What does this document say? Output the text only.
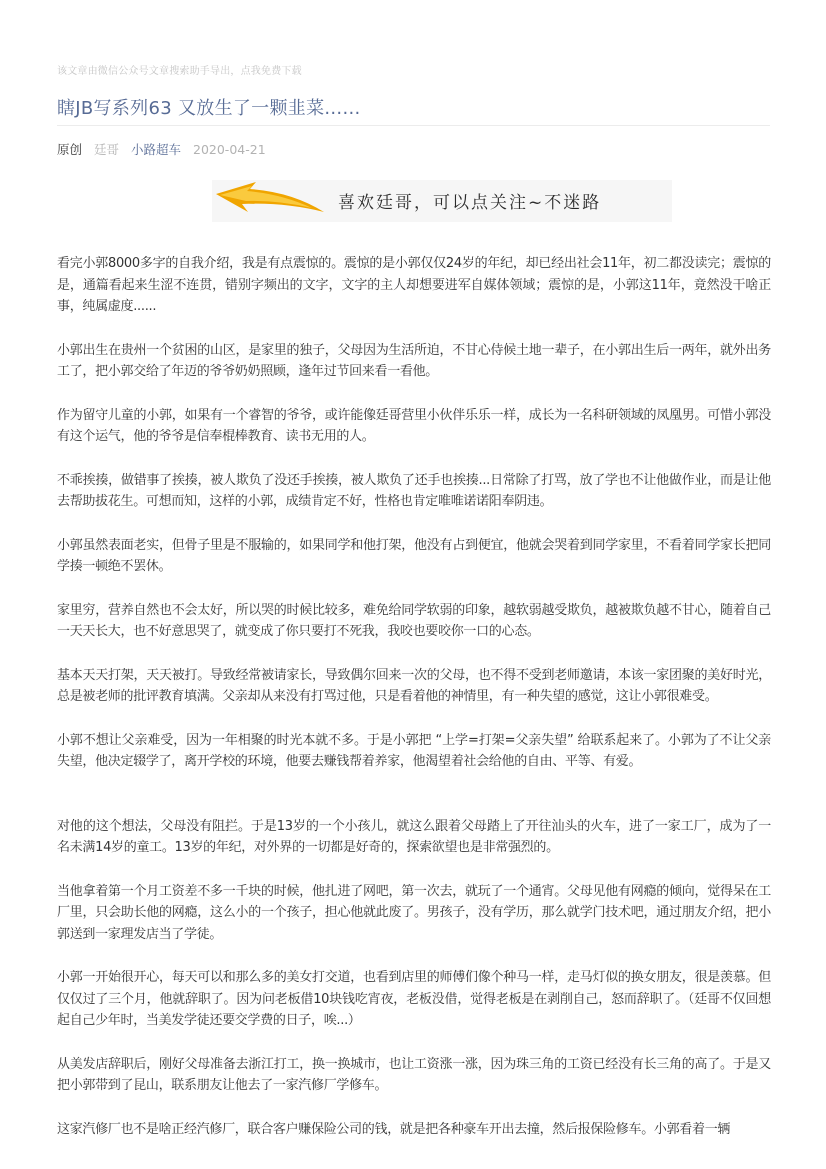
该文章由微信公众号文章搜索助手导出，点我免费下载
瞎JB写系列63 又放生了一颗韭菜......
原创 廷哥 小路超车 2020-04-21
喜欢廷哥，可以点关注~不迷路

看完小郭8000多字的自我介绍，我是有点震惊的。震惊的是小郭仅仅24岁的年纪，却已经出社会11年，初二都没读完；震惊的是，通篇看起来生涩不连贯，错别字频出的文字，文字的主人却想要进军自媒体领域；震惊的是，小郭这11年，竟然没干啥正事，纯属虚度......

小郭出生在贵州一个贫困的山区，是家里的独子，父母因为生活所迫，不甘心侍候土地一辈子，在小郭出生后一两年，就外出务工了，把小郭交给了年迈的爷爷奶奶照顾，逢年过节回来看一看他。

作为留守儿童的小郭，如果有一个睿智的爷爷，或许能像廷哥营里小伙伴乐乐一样，成长为一名科研领域的凤凰男。可惜小郭没有这个运气，他的爷爷是信奉棍棒教育、读书无用的人。

不乖挨揍，做错事了挨揍，被人欺负了没还手挨揍，被人欺负了还手也挨揍...日常除了打骂，放了学也不让他做作业，而是让他去帮助拔花生。可想而知，这样的小郭，成绩肯定不好，性格也肯定唯唯诺诺阳奉阴违。

小郭虽然表面老实，但骨子里是不服输的，如果同学和他打架，他没有占到便宜，他就会哭着到同学家里，不看着同学家长把同学揍一顿绝不罢休。

家里穷，营养自然也不会太好，所以哭的时候比较多，难免给同学软弱的印象，越软弱越受欺负，越被欺负越不甘心，随着自己一天天长大，也不好意思哭了，就变成了你只要打不死我，我咬也要咬你一口的心态。

基本天天打架，天天被打。导致经常被请家长，导致偶尔回来一次的父母，也不得不受到老师邀请，本该一家团聚的美好时光，总是被老师的批评教育填满。父亲却从来没有打骂过他，只是看着他的神情里，有一种失望的感觉，这让小郭很难受。

小郭不想让父亲难受，因为一年相聚的时光本就不多。于是小郭把 “上学=打架=父亲失望” 给联系起来了。小郭为了不让父亲失望，他决定辍学了，离开学校的环境，他要去赚钱帮着养家，他渴望着社会给他的自由、平等、有爱。

对他的这个想法，父母没有阻拦。于是13岁的一个小孩儿，就这么跟着父母踏上了开往汕头的火车，进了一家工厂，成为了一名未满14岁的童工。13岁的年纪，对外界的一切都是好奇的，探索欲望也是非常强烈的。

当他拿着第一个月工资差不多一千块的时候，他扎进了网吧，第一次去，就玩了一个通宵。父母见他有网瘾的倾向，觉得呆在工厂里，只会助长他的网瘾，这么小的一个孩子，担心他就此废了。男孩子，没有学历，那么就学门技术吧，通过朋友介绍，把小郭送到一家理发店当了学徒。

小郭一开始很开心，每天可以和那么多的美女打交道，也看到店里的师傅们像个种马一样，走马灯似的换女朋友，很是羡慕。但仅仅过了三个月，他就辞职了。因为问老板借10块钱吃宵夜，老板没借，觉得老板是在剥削自己，怒而辞职了。（廷哥不仅回想起自己少年时，当美发学徒还要交学费的日子，唉...）

从美发店辞职后，刚好父母准备去浙江打工，换一换城市，也让工资涨一涨，因为珠三角的工资已经没有长三角的高了。于是又把小郭带到了昆山，联系朋友让他去了一家汽修厂学修车。

这家汽修厂也不是啥正经汽修厂，联合客户赚保险公司的钱，就是把各种豪车开出去撞，然后报保险修车。小郭看着一辆
